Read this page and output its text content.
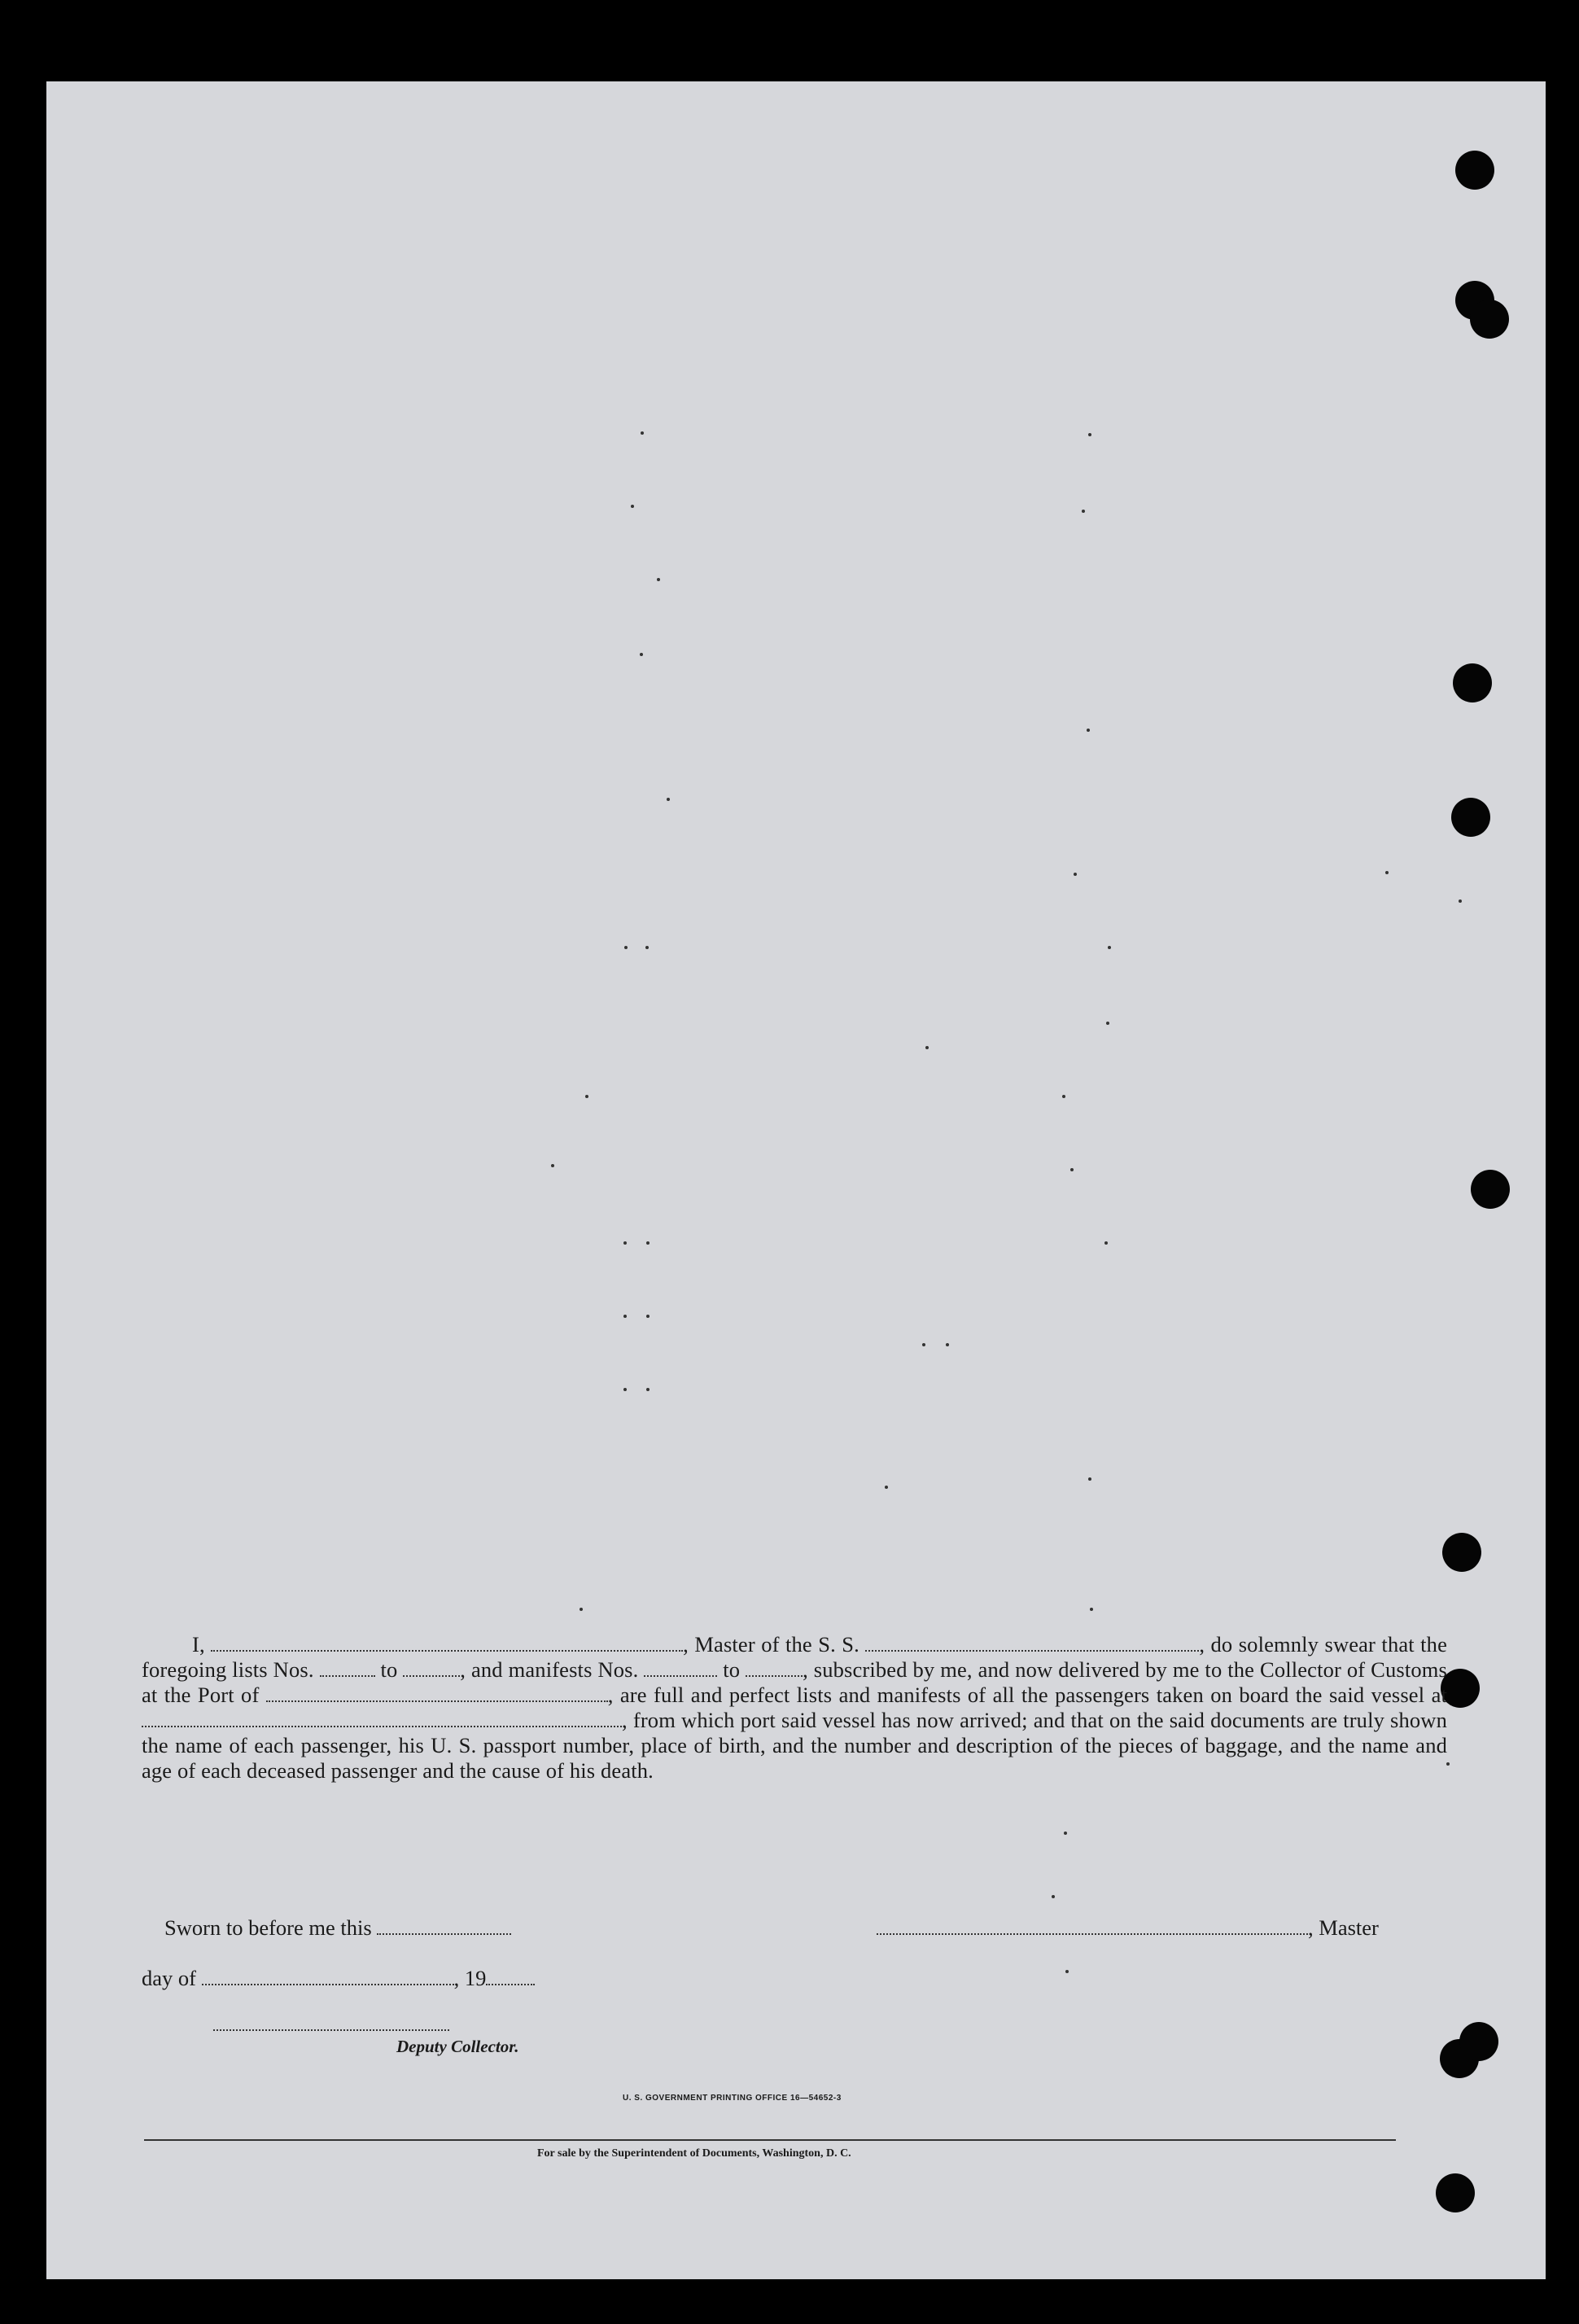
I,	, Master of the S. S.	, do solemnly swear that the foregoing lists Nos.	to	, and manifests Nos.	to	, subscribed by me, and now delivered by me to the Collector of Customs at the Port of	, are full and perfect lists and manifests of all the passengers taken on board the said vessel at , from which port said vessel has now arrived; and that on the said documents are truly shown the name of each passenger, his U. S. passport number, place of birth, and the number and description of the pieces of baggage, and the name and age of each deceased passenger and the cause of his death.

Sworn to before me this	, Master
day of	, 19
Deputy Collector.
U. S. GOVERNMENT PRINTING OFFICE 16—54652-3
For sale by the Superintendent of Documents, Washington, D. C.
